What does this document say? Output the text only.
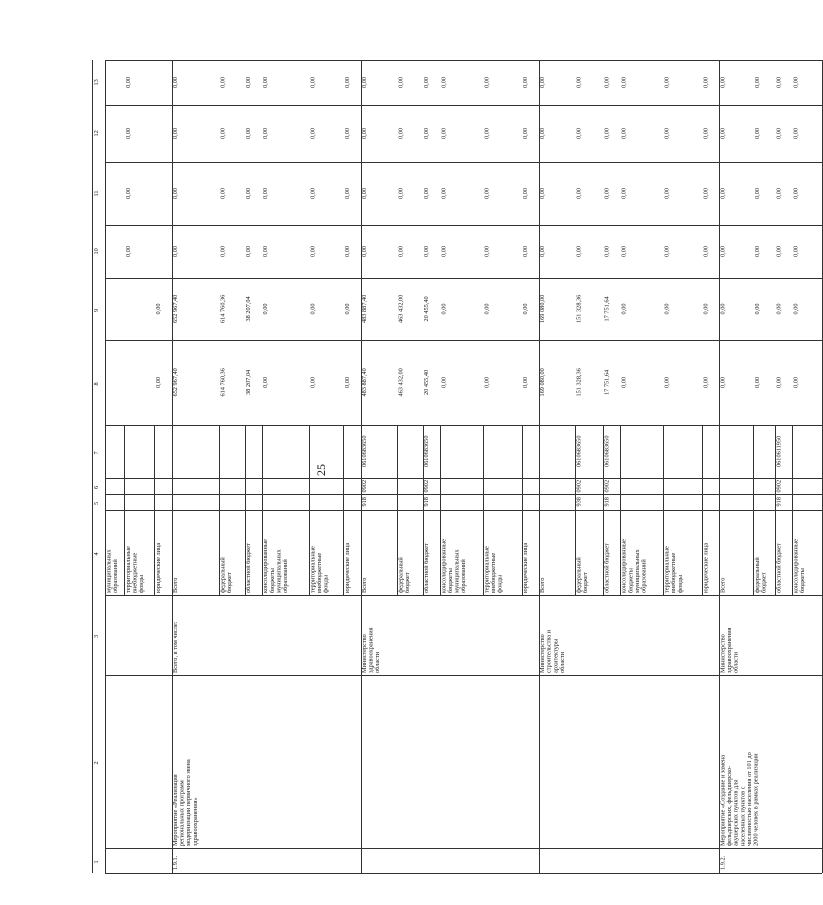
25
1
2
3
4
5
6
7
8
9
10
11
12
13
муниципальных образований территориальные внебюджетные фонды
0,00
0,00
0,00
0,00
юридические лица
0,00
0,00
1.9.1.
Мероприятие «Реализация региональных программ модернизации первичного звена здравоохранения»
Всего, в том числе:
Всего
652 967,40
652 967,40
0,00
0,00
0,00
0,00
федеральный бюджет
614 760,36
614 760,36
0,00
0,00
0,00
0,00
областной бюджет
38 207,04
38 207,04
0,00
0,00
0,00
0,00
консолидированные бюджеты муниципальных образований
0,00
0,00
0,00
0,00
0,00
0,00
территориальные внебюджетные фонды
0,00
0,00
0,00
0,00
0,00
0,00
юридические лица
0,00
0,00
0,00
0,00
0,00
0,00
Министерство здравоохранения области
Всего
918
0902
0610683650
483 887,40
483 887,40
0,00
0,00
0,00
0,00
федеральный бюджет
463 432,00
463 432,00
0,00
0,00
0,00
0,00
областной бюджет
918
0902
0610683650
20 455,40
20 455,40
0,00
0,00
0,00
0,00
консолидированные бюджеты муниципальных образований
0,00
0,00
0,00
0,00
0,00
0,00
территориальные внебюджетные фонды
0,00
0,00
0,00
0,00
0,00
0,00
юридические лица
0,00
0,00
0,00
0,00
0,00
0,00
Министерство строительства и архитектуры области
Всего
169 080,00
169 080,00
0,00
0,00
0,00
0,00
федеральный бюджет
938
0902
0610683650
151 328,36
151 328,36
0,00
0,00
0,00
0,00
областной бюджет
918
0902
0610683650
17 751,64
17 751,64
0,00
0,00
0,00
0,00
консолидированные бюджеты муниципальных образований
0,00
0,00
0,00
0,00
0,00
0,00
территориальные внебюджетные фонды
0,00
0,00
0,00
0,00
0,00
0,00
юридические лица
0,00
0,00
0,00
0,00
0,00
0,00
1.9.2.
Мероприятие «Создание и замена фельдшерских, фельдшерско- акушерских пунктов для населенных пунктов с численностью населения от 101 до 2000 человек в рамках реализации
Министерство здравоохранения области
Всего
0,00
0,00
0,00
0,00
0,00
0,00
федеральный бюджет
0,00
0,00
0,00
0,00
0,00
0,00
областной бюджет
918
0902
0610611950
0,00
0,00
0,00
0,00
0,00
0,00
консолидированные бюджеты
0,00
0,00
0,00
0,00
0,00
0,00
